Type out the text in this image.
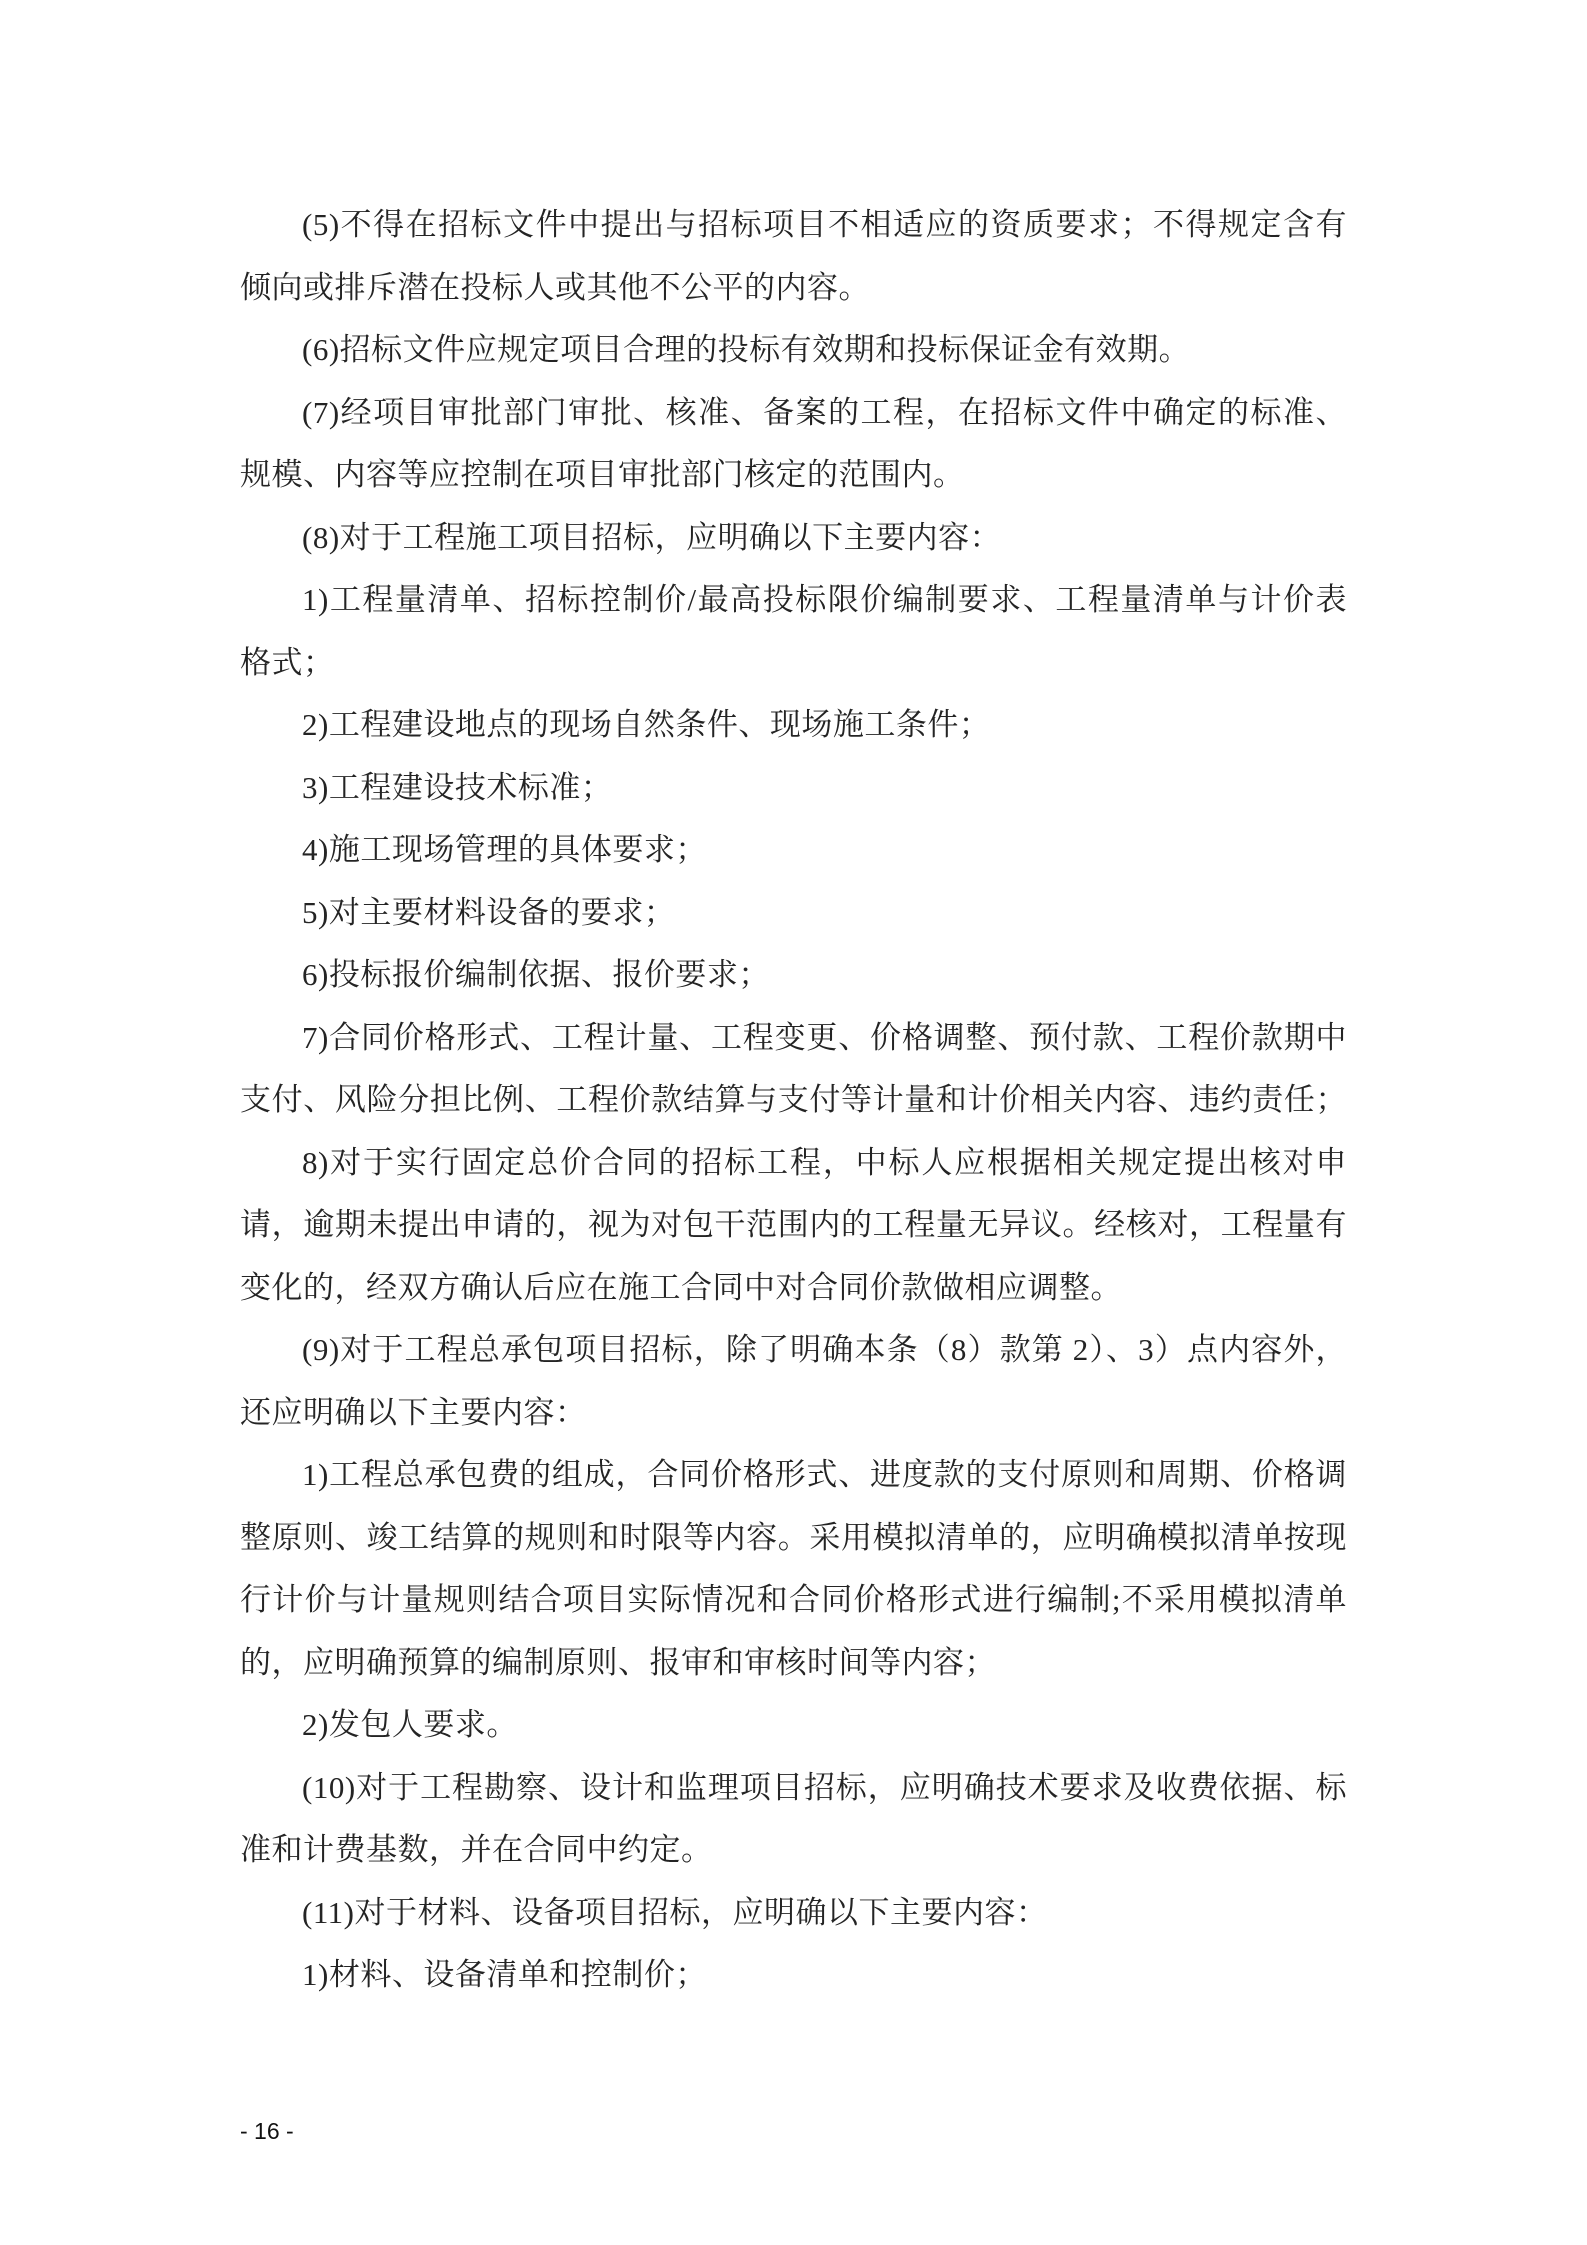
(5)不得在招标文件中提出与招标项目不相适应的资质要求；不得规定含有
倾向或排斥潜在投标人或其他不公平的内容。
(6)招标文件应规定项目合理的投标有效期和投标保证金有效期。
(7)经项目审批部门审批、核准、备案的工程，在招标文件中确定的标准、
规模、内容等应控制在项目审批部门核定的范围内。
(8)对于工程施工项目招标，应明确以下主要内容：
1)工程量清单、招标控制价/最高投标限价编制要求、工程量清单与计价表
格式；
2)工程建设地点的现场自然条件、现场施工条件；
3)工程建设技术标准；
4)施工现场管理的具体要求；
5)对主要材料设备的要求；
6)投标报价编制依据、报价要求；
7)合同价格形式、工程计量、工程变更、价格调整、预付款、工程价款期中
支付、风险分担比例、工程价款结算与支付等计量和计价相关内容、违约责任；
8)对于实行固定总价合同的招标工程，中标人应根据相关规定提出核对申
请，逾期未提出申请的，视为对包干范围内的工程量无异议。经核对，工程量有
变化的，经双方确认后应在施工合同中对合同价款做相应调整。
(9)对于工程总承包项目招标，除了明确本条（8）款第 2）、3）点内容外，
还应明确以下主要内容：
1)工程总承包费的组成，合同价格形式、进度款的支付原则和周期、价格调
整原则、竣工结算的规则和时限等内容。采用模拟清单的，应明确模拟清单按现
行计价与计量规则结合项目实际情况和合同价格形式进行编制;不采用模拟清单
的，应明确预算的编制原则、报审和审核时间等内容；
2)发包人要求。
(10)对于工程勘察、设计和监理项目招标，应明确技术要求及收费依据、标
准和计费基数，并在合同中约定。
(11)对于材料、设备项目招标，应明确以下主要内容：
1)材料、设备清单和控制价；
- 16 -
